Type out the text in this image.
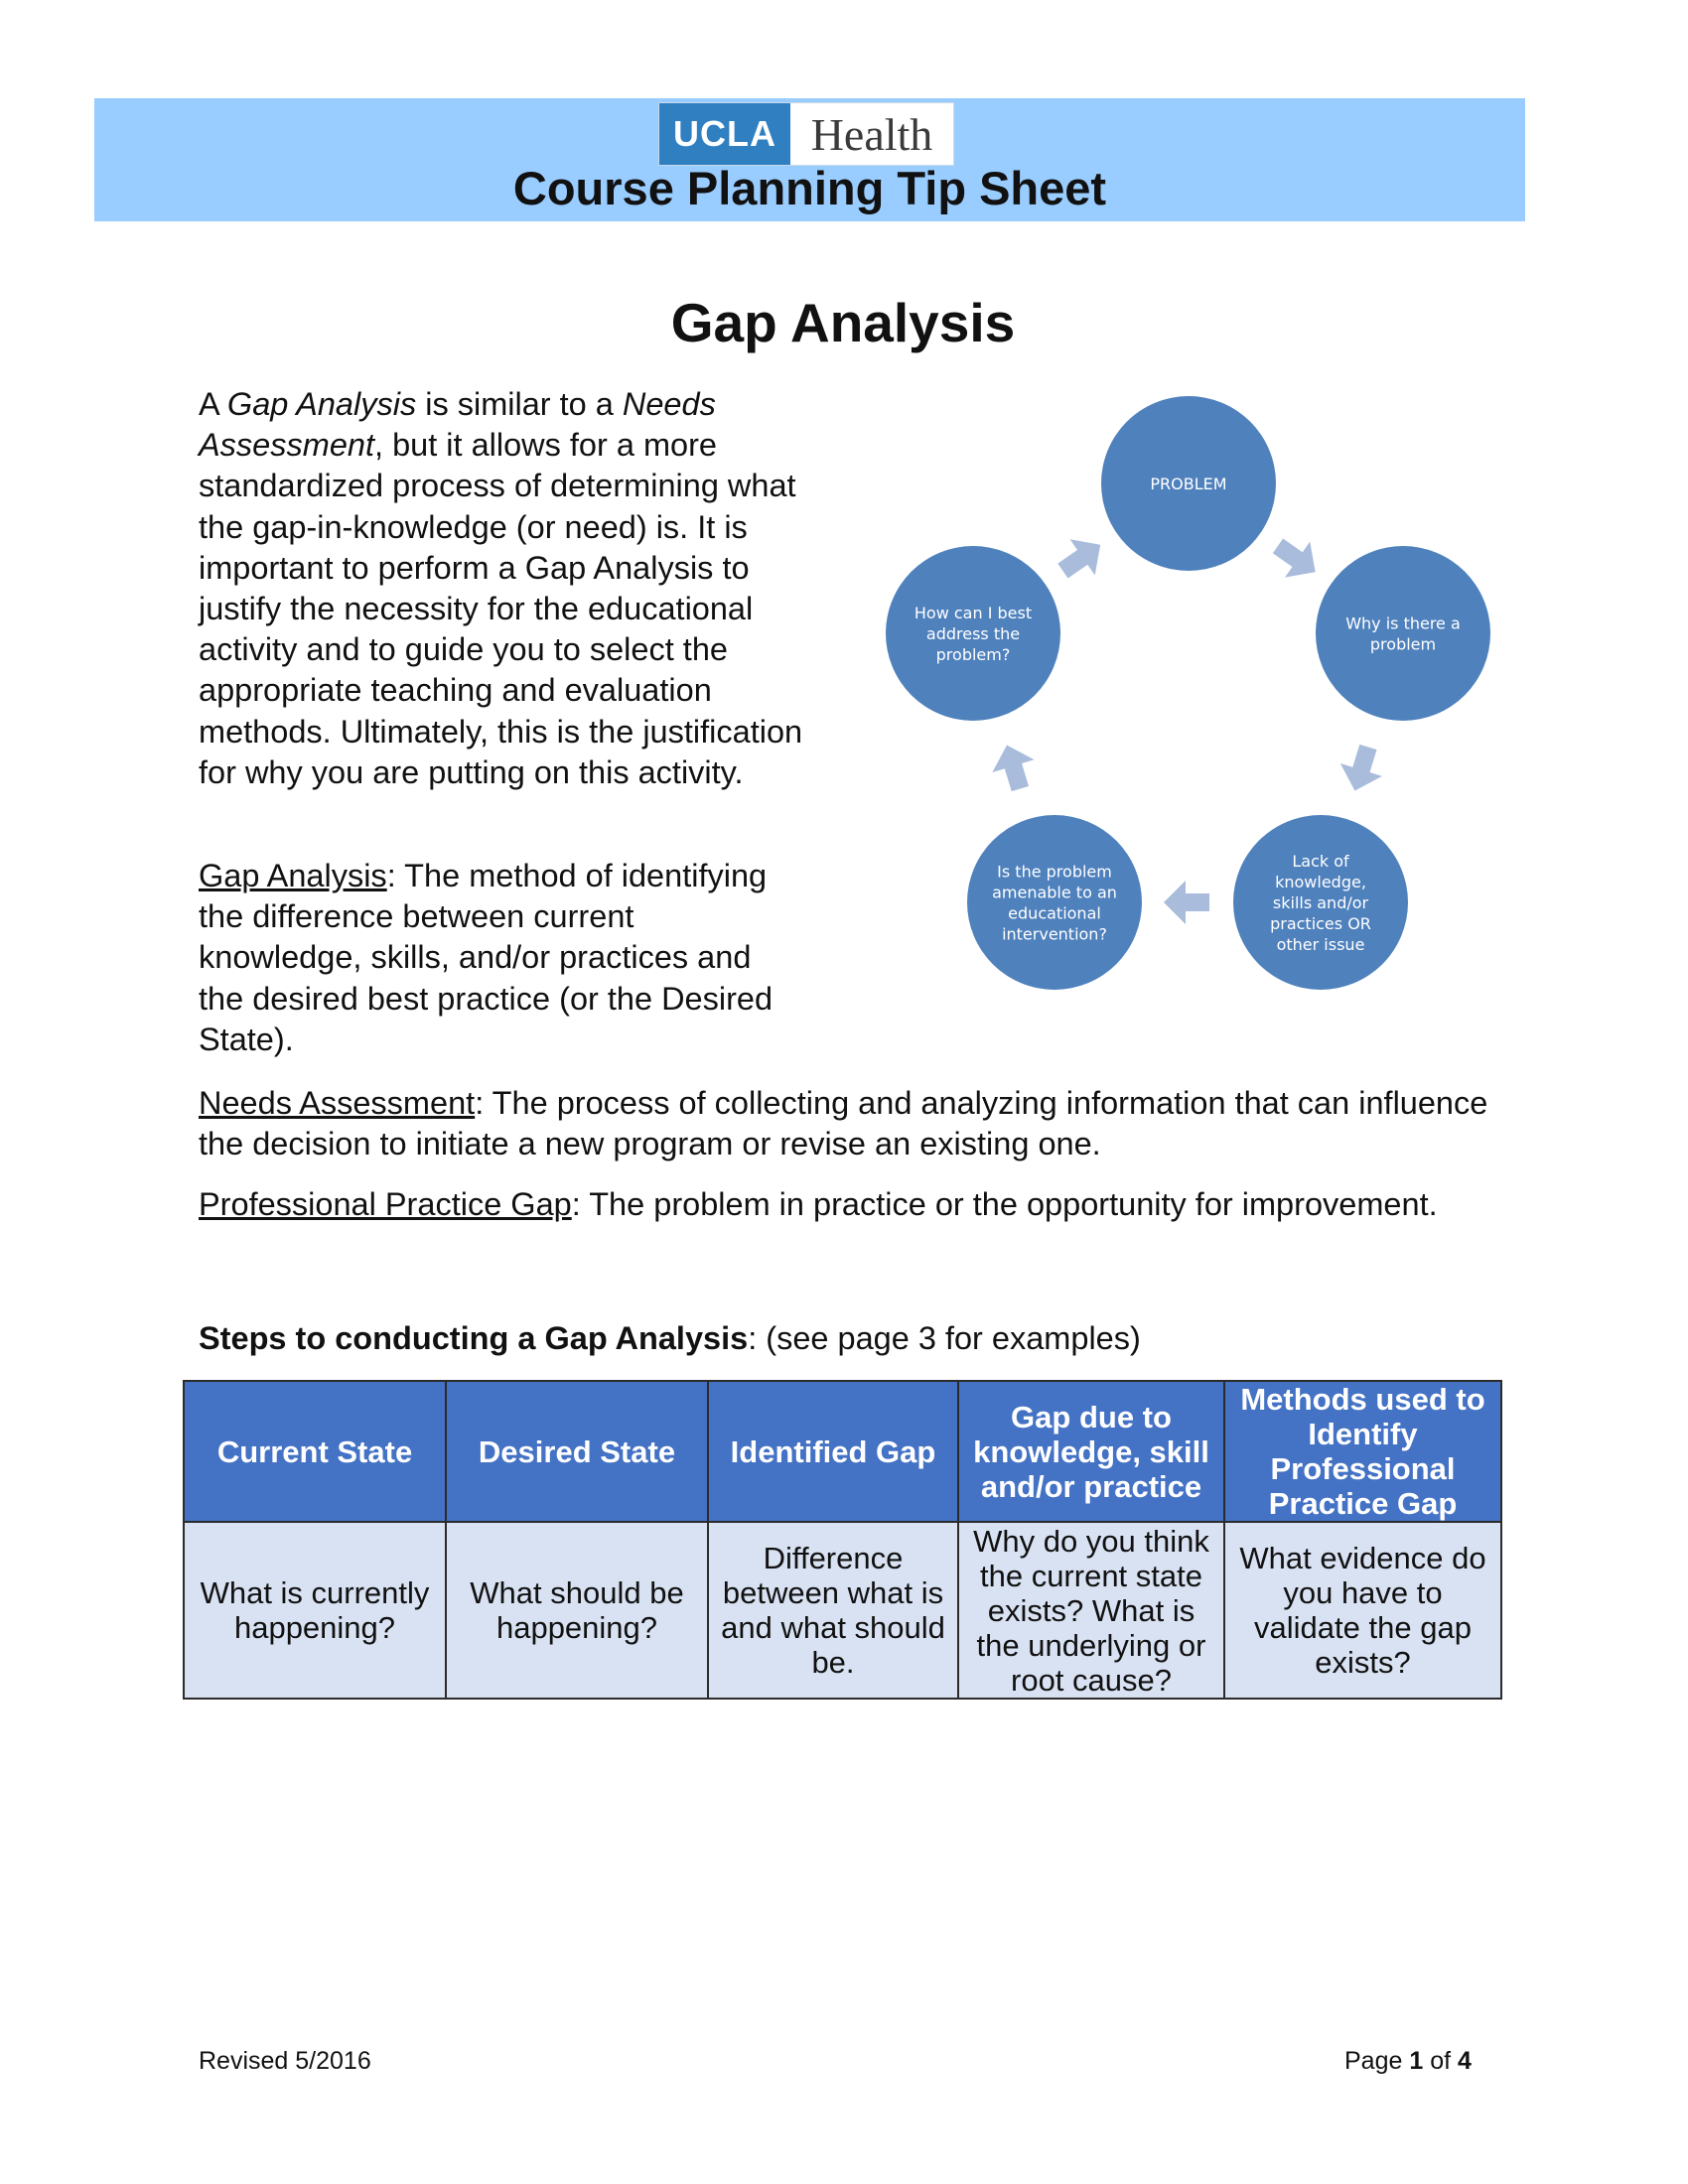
UCLA Health
Course Planning Tip Sheet
Gap Analysis

A Gap Analysis is similar to a Needs Assessment, but it allows for a more standardized process of determining what the gap-in-knowledge (or need) is. It is important to perform a Gap Analysis to justify the necessity for the educational activity and to guide you to select the appropriate teaching and evaluation methods. Ultimately, this is the justification for why you are putting on this activity.

Gap Analysis: The method of identifying the difference between current knowledge, skills, and/or practices and the desired best practice (or the Desired State).

Needs Assessment: The process of collecting and analyzing information that can influence the decision to initiate a new program or revise an existing one.

Professional Practice Gap: The problem in practice or the opportunity for improvement.

PROBLEM
Why is there a
problem
Lack of
knowledge,
skills and/or
practices OR
other issue
Is the problem
amenable to an
educational
intervention?
How can I best
address the
problem?
Steps to conducting a Gap Analysis: (see page 3 for examples)
Current State	Desired State	Identified Gap	Gap due to knowledge, skill and/or practice	Methods used to Identify Professional Practice Gap
What is currently happening?	What should be happening?	Difference between what is and what should be.	Why do you think the current state exists? What is the underlying or root cause?	What evidence do you have to validate the gap exists?
Revised 5/2016	Page 1 of 4
